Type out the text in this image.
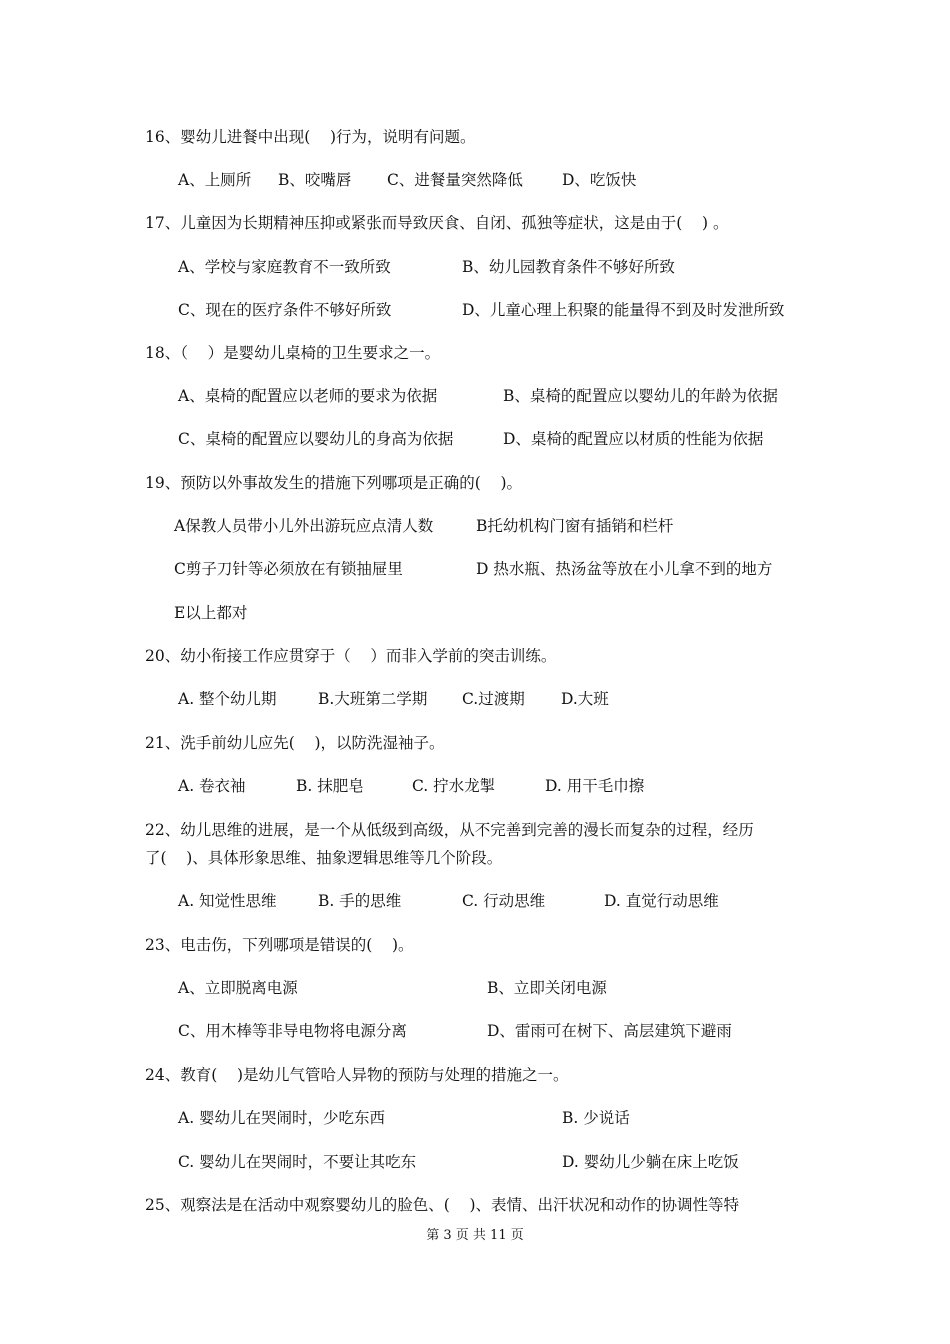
16、婴幼儿进餐中出现(    )行为，说明有问题。
A、上厕所 B、咬嘴唇 C、进餐量突然降低	D、吃饭快
17、儿童因为长期精神压抑或紧张而导致厌食、自闭、孤独等症状，这是由于(    ) 。
A、学校与家庭教育不一致所致	B、幼儿园教育条件不够好所致
C、现在的医疗条件不够好所致	D、儿童心理上积聚的能量得不到及时发泄所致
18、（    ）是婴幼儿桌椅的卫生要求之一。
A、桌椅的配置应以老师的要求为依据	B、桌椅的配置应以婴幼儿的年龄为依据
C、桌椅的配置应以婴幼儿的身高为依据	D、桌椅的配置应以材质的性能为依据
19、预防以外事故发生的措施下列哪项是正确的(    )。
A保教人员带小儿外出游玩应点清人数	B托幼机构门窗有插销和栏杆
C剪子刀针等必须放在有锁抽屉里	D 热水瓶、热汤盆等放在小儿拿不到的地方
E以上都对
20、幼小衔接工作应贯穿于（    ）而非入学前的突击训练。
A. 整个幼儿期	B.大班第二学期 C.过渡期 D.大班
21、洗手前幼儿应先(    )，以防洗湿袖子。
A. 卷衣袖	B. 抹肥皂	C. 拧水龙掣	D. 用干毛巾擦
22、幼儿思维的进展，是一个从低级到高级，从不完善到完善的漫长而复杂的过程，经历
了(    )、具体形象思维、抽象逻辑思维等几个阶段。
A. 知觉性思维	B. 手的思维	C. 行动思维	D. 直觉行动思维
23、电击伤，下列哪项是错误的(    )。
A、立即脱离电源	B、立即关闭电源
C、用木棒等非导电物将电源分离	D、雷雨可在树下、高层建筑下避雨
24、教育(    )是幼儿气管哈人异物的预防与处理的措施之一。
A. 婴幼儿在哭闹时，少吃东西	B. 少说话
C. 婴幼儿在哭闹时，不要让其吃东	D. 婴幼儿少躺在床上吃饭
25、观察法是在活动中观察婴幼儿的脸色、(    )、表情、出汗状况和动作的协调性等特
第 3 页 共 11 页
